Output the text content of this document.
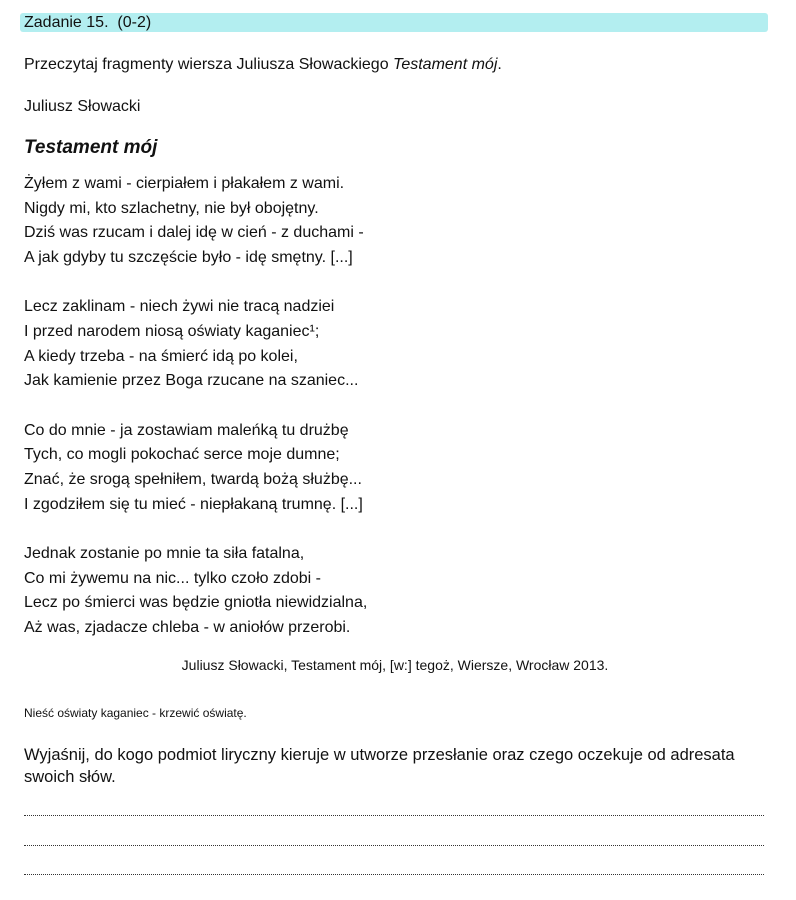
Zadanie 15. (0-2)
Przeczytaj fragmenty wiersza Juliusza Słowackiego Testament mój.
Juliusz Słowacki
Testament mój
Żyłem z wami - cierpiałem i płakałem z wami.
Nigdy mi, kto szlachetny, nie był obojętny.
Dziś was rzucam i dalej idę w cień - z duchami -
A jak gdyby tu szczęście było - idę smętny. [...]
Lecz zaklinam - niech żywi nie tracą nadziei
I przed narodem niosą oświaty kaganiec¹;
A kiedy trzeba - na śmierć idą po kolei,
Jak kamienie przez Boga rzucane na szaniec...
Co do mnie - ja zostawiam maleńką tu drużbę
Tych, co mogli pokochać serce moje dumne;
Znać, że srogą spełniłem, twardą bożą służbę...
I zgodziłem się tu mieć - niepłakaną trumnę. [...]
Jednak zostanie po mnie ta siła fatalna,
Co mi żywemu na nic... tylko czoło zdobi -
Lecz po śmierci was będzie gniotła niewidzialna,
Aż was, zjadacze chleba - w aniołów przerobi.
Juliusz Słowacki, Testament mój, [w:] tegoż, Wiersze, Wrocław 2013.
Nieść oświaty kaganiec - krzewić oświatę.
Wyjaśnij, do kogo podmiot liryczny kieruje w utworze przesłanie oraz czego oczekuje od adresata swoich słów.
